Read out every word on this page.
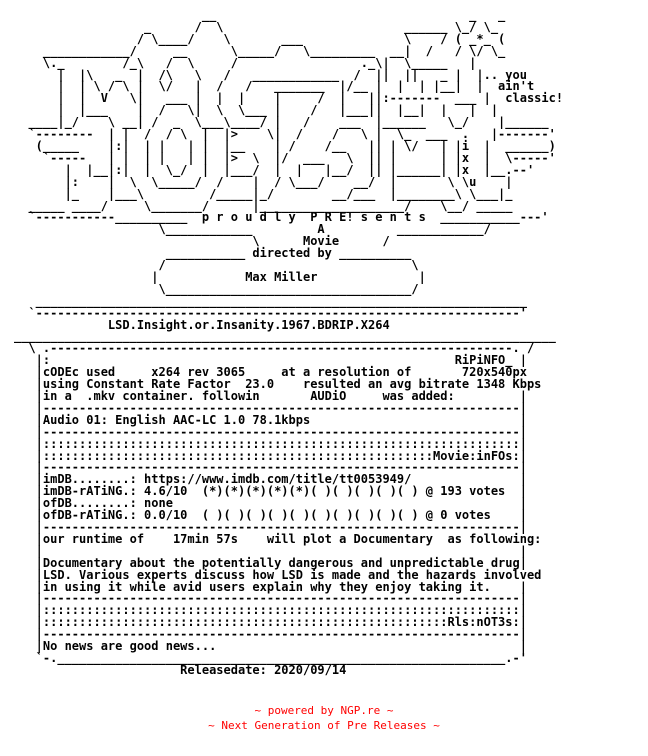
__                                   _   _
_      /  \                         ______ \_/ \_
/ \____/    \       ___              \    / ( _*_ (
____________/     __      \_____/   \_________  __|  /   / \/ \_
\._        /_\   /  \     /                 ._\|  \_____   |
|  |\   _  |  /\   \   /   ____________  /  ||  ||   _ |  |.. you
|  | \ / \ |  \/   |  /   /   _______  |/__ |  |  | |__|  |  ain't
|  |  V   \|   ___ |  |  |    |     /  |   ||:-------  ___ |  classic!
|  |___    |  /   \|  \  \___ |    /   |___||  |__|  |   |  |
____|_/    \ __| /  _  \___\____/ |   /    ___  |______   \_/    |______
`--------  | |  /  / \  |  |>    \|  /    /   \ |  \_  ___  .   |-------'
(_____    |:|  | |   | |  |__    | /    /__   || | \/   | |i  |  ______)
`-----   | |  | |   | |  |>  \  |/  ___   \  || |      | |x  |  \-----'
|  |__|:|  |  \_/  |  |___/  |  |   |__/  || |______| |x  |__.--'
|:    |  \  \_____/  /    |  / \___/    __/  |       \ \u    |
|_    |___\         /_____|_/        __/___  |________\ \___|_
_____ ____/     \_______/      |____________________/    \__/ _____
`-----------__________  p r o u d l y  P R E! s e n t s  ___________---'
\____________         A          ____________/
\      Movie      /
___________ directed by __________
/                                  \
|            Max Miller              |
\__________________________________/
____________________________________________________________________
`-------------------------------------------------------------------'
LSD.Insight.or.Insanity.1967.BDRIP.X264
___________________________________________________________________________
\ .----------------------------------------------------------------. /
|:                                                        RiPiNFO_ |
|cODEc used     x264 rev 3065     at a resolution of       720x540px
|using Constant Rate Factor  23.0    resulted an avg bitrate 1348 Kbps
|in a  .mkv container. followin       AUDiO     was added:         |
|------------------------------------------------------------------|
|Audio 01: English AAC-LC 1.0 78.1kbps                             |
|------------------------------------------------------------------|
|::::::::::::::::::::::::::::::::::::::::::::::::::::::::::::::::::|
|::::::::::::::::::::::::::::::::::::::::::::::::::::::Movie:inFOs:|
|------------------------------------------------------------------|
|imDB........: https://www.imdb.com/title/tt0053949/               |
|imDB-rATiNG.: 4.6/10  (*)(*)(*)(*)(*)( )( )( )( )( ) @ 193 votes  |
|ofDB........: none                                                |
|ofDB-rATiNG.: 0.0/10  ( )( )( )( )( )( )( )( )( )( ) @ 0 votes    |
|------------------------------------------------------------------|
|our runtime of    17min 57s    will plot a Documentary  as following:
|                                                                  |
|Documentary about the potentially dangerous and unpredictable drug|
|LSD. Various experts discuss how LSD is made and the hazards involved
|in using it while avid users explain why they enjoy taking it.    |
|------------------------------------------------------------------|
|::::::::::::::::::::::::::::::::::::::::::::::::::::::::::::::::::|
|::::::::::::::::::::::::::::::::::::::::::::::::::::::::Rls:nOT3s:|
|------------------------------------------------------------------|
|No news are good news...                                          |
`-.______________________________________________________________.-'
Releasedate: 2020/09/14
~ powered by NGP.re ~
~ Next Generation of Pre Releases ~
